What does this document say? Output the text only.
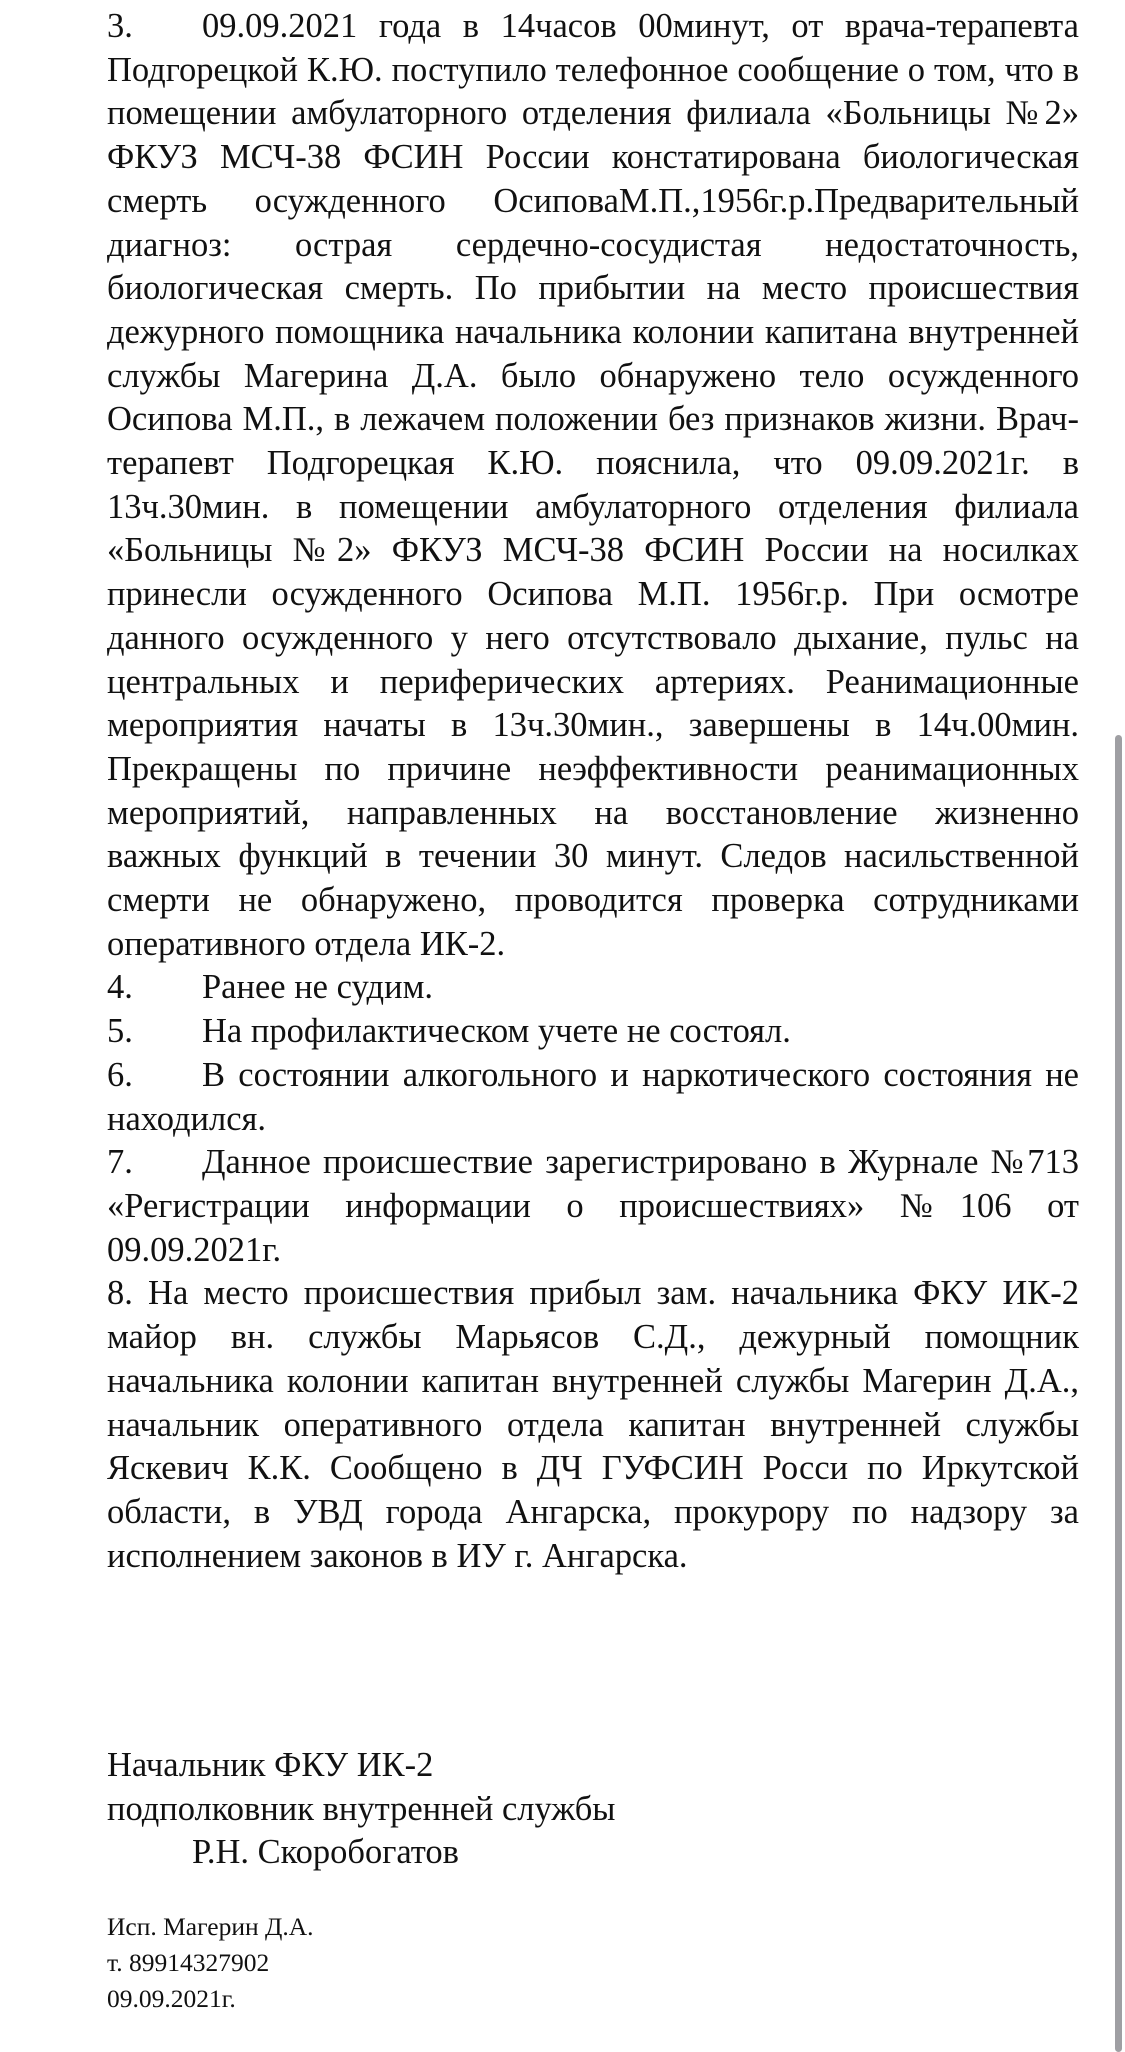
3. 09.09.2021 года в 14часов 00минут, от врача-терапевта Подгорецкой К.Ю. поступило телефонное сообщение о том, что в помещении амбулаторного отделения филиала «Больницы №2» ФКУЗ МСЧ-38 ФСИН России констатирована биологическая смерть осужденного ОсиповаМ.П.,1956г.р.Предварительный диагноз: острая сердечно-сосудистая недостаточность, биологическая смерть. По прибытии на место происшествия дежурного помощника начальника колонии капитана внутренней службы Магерина Д.А. было обнаружено тело осужденного Осипова М.П., в лежачем положении без признаков жизни. Врач-терапевт Подгорецкая К.Ю. пояснила, что 09.09.2021г. в 13ч.30мин. в помещении амбулаторного отделения филиала «Больницы №2» ФКУЗ МСЧ-38 ФСИН России на носилках принесли осужденного Осипова М.П. 1956г.р. При осмотре данного осужденного у него отсутствовало дыхание, пульс на центральных и периферических артериях. Реанимационные мероприятия начаты в 13ч.30мин., завершены в 14ч.00мин. Прекращены по причине неэффективности реанимационных мероприятий, направленных на восстановление жизненно важных функций в течении 30 минут. Следов насильственной смерти не обнаружено, проводится проверка сотрудниками оперативного отдела ИК-2.

4. Ранее не судим.

5. На профилактическом учете не состоял.

6. В состоянии алкогольного и наркотического состояния не находился.

7. Данное происшествие зарегистрировано в Журнале №713 «Регистрации информации о происшествиях» №106 от 09.09.2021г.

8. На место происшествия прибыл зам. начальника ФКУ ИК-2 майор вн. службы Марьясов С.Д., дежурный помощник начальника колонии капитан внутренней службы Магерин Д.А., начальник оперативного отдела капитан внутренней службы Яскевич К.К. Сообщено в ДЧ ГУФСИН Росси по Иркутской области, в УВД города Ангарска, прокурору по надзору за исполнением законов в ИУ г. Ангарска.

Начальник ФКУ ИК-2
подполковник внутренней службы
Р.Н. Скоробогатов
Исп. Магерин Д.А.
т. 89914327902
09.09.2021г.
